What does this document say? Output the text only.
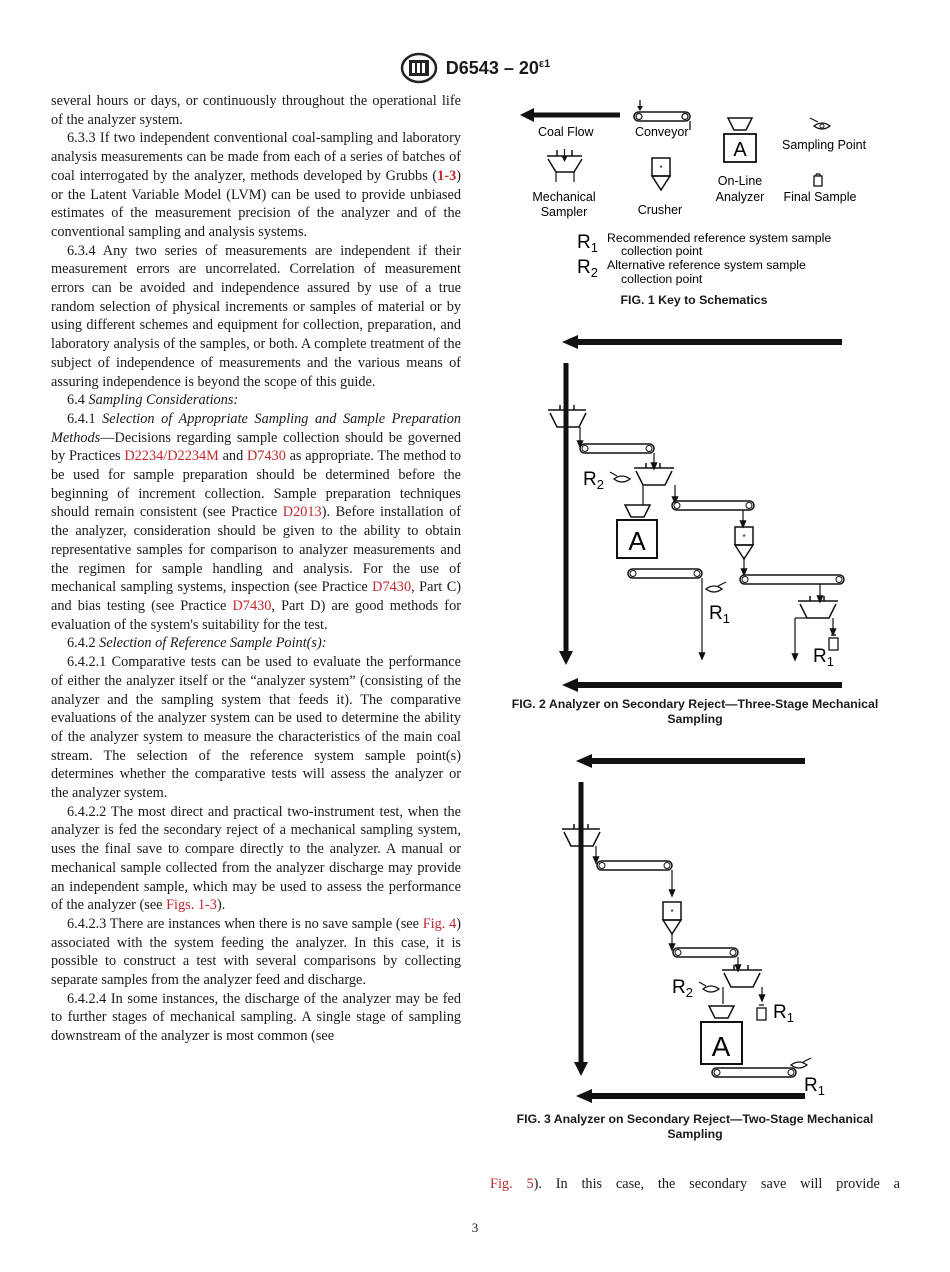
$D6543 - 20^{\varepsilon 1}$

several hours or days, or continuously throughout the operational life of the analyzer system.

6.3.3 If two independent conventional coal-sampling and laboratory analysis measurements can be made from each of a series of batches of coal interrogated by the analyzer, methods developed by Grubbs (1-3) or the Latent Variable Model (LVM) can be used to provide unbiased estimates of the measurement precision of the analyzer and of the conventional sampling and analysis systems.

6.3.4 Any two series of measurements are independent if their measurement errors are uncorrelated. Correlation of measurement errors can be avoided and independence assured by use of a true random selection of physical increments or samples of material or by using different schemes and equipment for collection, preparation, and laboratory analysis of the samples, or both. A complete treatment of the subject of independence of measurements and the various means of assuring independence is beyond the scope of this guide.

6.4 Sampling Considerations:

6.4.1 Selection of Appropriate Sampling and Sample Preparation Methods—Decisions regarding sample collection should be governed by Practices D2234/D2234M and D7430 as appropriate. The method to be used for sample preparation should be determined before the beginning of increment collection. Sample preparation techniques should remain consistent (see Practice D2013). Before installation of the analyzer, consideration should be given to the ability to obtain representative samples for comparison to analyzer measurements and the regimen for sample handling and analysis. For the use of mechanical sampling systems, inspection (see Practice D7430, Part C) and bias testing (see Practice D7430, Part D) are good methods for evaluation of the system's suitability for the test.

6.4.2 Selection of Reference Sample Point(s):

6.4.2.1 Comparative tests can be used to evaluate the performance of either the analyzer itself or the “analyzer system” (consisting of the analyzer and the sampling system that feeds it). The comparative evaluations of the analyzer system can be used to determine the ability of the analyzer system to measure the characteristics of the main coal stream. The selection of the reference system sample point(s) determines whether the comparative tests will assess the analyzer or the analyzer system.

6.4.2.2 The most direct and practical two-instrument test, when the analyzer is fed the secondary reject of a mechanical sampling system, uses the final save to compare directly to the analyzer. A manual or mechanical sample collected from the analyzer discharge may provide an independent sample, which may be used to assess the performance of the analyzer (see Figs. 1-3).

6.4.2.3 There are instances when there is no save sample (see Fig. 4) associated with the system feeding the analyzer. In this case, it is possible to construct a test with several comparisons by collecting separate samples from the analyzer feed and discharge.

6.4.2.4 In some instances, the discharge of the analyzer may be fed to further stages of mechanical sampling. A single stage of sampling downstream of the analyzer is most common (see

Coal Flow	Conveyor
A	Sampling Point
Mechanical
Sampler
*
Crusher
On-Line
Analyzer Final Sample
$R_1$
Recommended reference system sample
collection point
$R_2$ Alternative reference system sample
collection point
FIG. 1 Key to Schematics
$R_2$
A	*
$R_1$
$R_1$
FIG. 2 Analyzer on Secondary Reject—Three-Stage Mechanical
Sampling
*
$R_2$
$R_1$
A
$R_1$
FIG. 3 Analyzer on Secondary Reject—Two-Stage Mechanical
Sampling
Fig. 5). In this case, the secondary save will provide a
3
